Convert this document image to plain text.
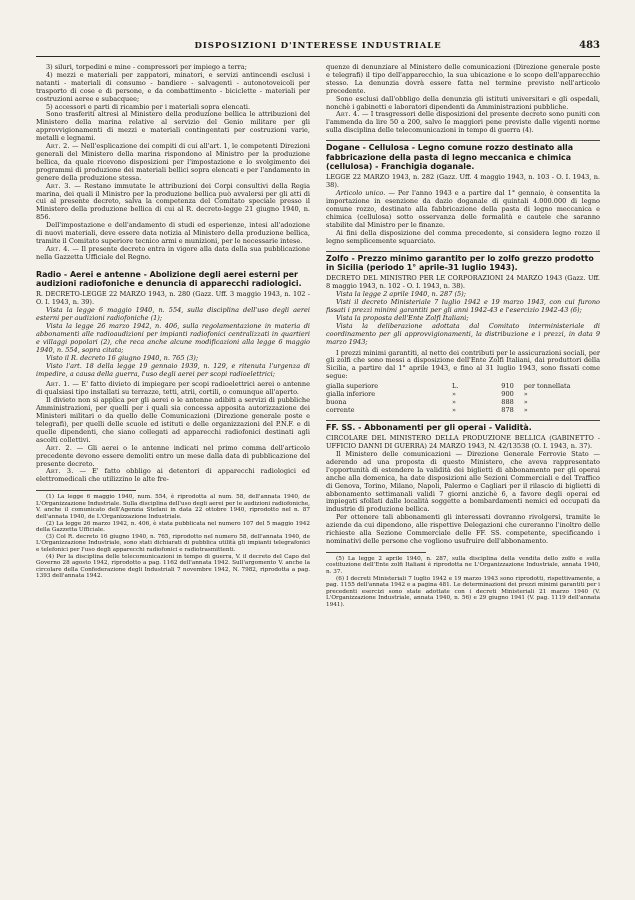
DISPOSIZIONI D'INTERESSE INDUSTRIALE	483

3) siluri, torpedini e mine - compressori per impiego a terra;

4) mezzi e materiali per zappatori, minatori, e servizi antincendi esclusi i natanti - materiali di consumo - bandiere - salvagenti - autonotoveicoli per trasporto di cose e di persone, e da combattimento - biciclette - materiali per costruzioni aeree e subacquee;

5) accessori e parti di ricambio per i materiali sopra elencati.

Sono trasferiti altresì al Ministero della produzione bellica le attribuzioni del Ministero della marina relative al servizio del Genio militare per gli approvvigionamenti di mezzi e materiali contingentati per costruzioni varie, metalli e legnami.

Art. 2. — Nell'esplicazione dei compiti di cui all'art. 1, le competenti Direzioni generali del Ministero della marina rispondono al Ministro per la produzione bellica, da quale ricevono disposizioni per l'impostazione e lo svolgimento dei programmi di produzione dei materiali bellici sopra elencati e per l'andamento in genere della produzione stessa.

Art. 3. — Restano immutate le attribuzioni dei Corpi consultivi della Regia marina, dei quali il Ministro per la produzione bellica può avvalersi per gli atti di cui al presente decreto, salva la competenza del Comitato speciale presso il Ministero della produzione bellica di cui al R. decreto-legge 21 giugno 1940, n. 856.

Dell'impostazione e dell'andamento di studi ed esperienze, intesi all'adozione di nuovi materiali, deve essere data notizia al Ministero della produzione bellica, tramite il Comitato superiore tecnico armi e munizioni, per le necessarie intese.

Art. 4. — Il presente decreto entra in vigore alla data della sua pubblicazione nella Gazzetta Ufficiale del Regno.

Radio - Aerei e antenne - Abolizione degli aerei esterni per audizioni radiofoniche e denuncia di apparecchi radiologici.

R. DECRETO-LEGGE 22 MARZO 1943, n. 280 (Gazz. Uff. 3 maggio 1943, n. 102 - O. I. 1943, n. 39).

Vista la legge 6 maggio 1940, n. 554, sulla disciplina dell'uso degli aerei esterni per audizioni radiofoniche (1);

Vista la legge 26 marzo 1942, n. 406, sulla regolamentazione in materia di abbonamenti alle radioaudizioni per impianti radiofonici centralizzati in quartieri e villaggi popolari (2), che reca anche alcune modificazioni alla legge 6 maggio 1940, n. 554, sopra citata;

Visto il R. decreto 16 giugno 1940, n. 765 (3);

Visto l'art. 18 della legge 19 gennaio 1939, n. 129, e ritenuta l'urgenza di impedire, a causa della guerra, l'uso degli aerei per scopi radioelettrici;

Art. 1. — E' fatto divieto di impiegare per scopi radioelettrici aerei o antenne di qualsiasi tipo installati su terrazze, tetti, atrii, cortili, o comunque all'aperto.

Il divieto non si applica per gli aerei o le antenne adibiti a servizi di pubbliche Amministrazioni, per quelli per i quali sia concessa apposita autorizzazione dei Ministeri militari o da quello delle Comunicazioni (Direzione generale poste e telegrafi), per quelli delle scuole ed istituti e delle organizzazioni del P.N.F. e di quelle dipendenti, che siano collegati ad apparecchi radiofonici destinati agli ascolti collettivi.

Art. 2. — Gli aerei o le antenne indicati nel primo comma dell'articolo precedente devono essere demoliti entro un mese dalla data di pubblicazione del presente decreto.

Art. 3. — E' fatto obbligo ai detentori di apparecchi radiologici ed elettromedicali che utilizzino le alte fre-

(1) La legge 6 maggio 1940, num. 554, è riprodotta al num. 58, dell'annata 1940, de L'Organizzazione Industriale. Sulla disciplina dell'uso degli aerei per le audizioni radiofoniche, V. anche il comunicato dell'Agenzia Stefani in data 22 ottobre 1940, riprodotto nel n. 87 dell'annata 1940, de L'Organizzazione Industriale.

(2) La legge 26 marzo 1942, n. 406, è stata pubblicata nel numero 107 del 5 maggio 1942 della Gazzetta Ufficiale.

(3) Col R. decreto 16 giugno 1940, n. 765, riprodotto nel numero 58, dell'annata 1940, de L'Organizzazione Industriale, sono stati dichiarati di pubblica utilità gli impianti telegrafonici e telefonici per l'uso degli apparecchi radiofonici e radiotrasmittenti.

(4) Per la disciplina delle telecomunicazioni in tempo di guerra, V. il decreto del Capo del Governo 28 agosto 1942, riprodotto a pag. 1162 dell'annata 1942. Sull'argomento V. anche la circolare della Confederazione degli Industriali 7 novembre 1942, N. 7982, riprodotta a pag. 1393 dell'annata 1942.

quenze di denunziare al Ministero delle comunicazioni (Direzione generale poste e telegrafi) il tipo dell'apparecchio, la sua ubicazione e lo scopo dell'apparecchio stesso. La denunzia dovrà essere fatta nel termine previsto nell'articolo precedente.

Sono esclusi dall'obbligo della denunzia gli istituti universitari e gli ospedali, nonchè i gabinetti e laboratori dipendenti da Amministrazioni pubbliche.

Art. 4. — I trasgressori delle disposizioni del presente decreto sono puniti con l'ammenda da lire 50 a 200, salvo le maggiori pene previste dalle vigenti norme sulla disciplina delle telecomunicazioni in tempo di guerra (4).

Dogane - Cellulosa - Legno comune rozzo destinato alla fabbricazione della pasta di legno meccanica e chimica (cellulosa) - Franchigia doganale.

LEGGE 22 MARZO 1943, n. 282 (Gazz. Uff. 4 maggio 1943, n. 103 - O. I. 1943, n. 38).

Articolo unico. — Per l'anno 1943 e a partire dal 1° gennaio, è consentita la importazione in esenzione da dazio doganale di quintali 4.000.000 di legno comune rozzo, destinato alla fabbricazione della pasta di legno meccanica e chimica (cellulosa) sotto osservanza delle formalità e cautele che saranno stabilite dal Ministro per le finanze.

Ai fini della disposizione del comma precedente, si considera legno rozzo il legno semplicemente squarciato.

Zolfo - Prezzo minimo garantito per lo zolfo grezzo prodotto in Sicilia (periodo 1° aprile-31 luglio 1943).

DECRETO DEL MINISTRO PER LE CORPORAZIONI 24 MARZO 1943 (Gazz. Uff. 8 maggio 1943, n. 102 - O. I. 1943, n. 38).

Vista la legge 2 aprile 1940, n. 287 (5);

Visti il decreto Ministeriale 7 luglio 1942 e 19 marzo 1943, con cui furono fissati i prezzi minimi garantiti per gli anni 1942-43 e l'esercizio 1942-43 (6);

Vista la proposta dell'Ente Zolfi Italiani;

Vista la deliberazione adottata dal Comitato interministeriale di coordinamento per gli approvvigionamenti, la distribuzione e i prezzi, in data 9 marzo 1943;

I prezzi minimi garantiti, al netto dei contributi per le assicurazioni sociali, per gli zolfi che sono messi a disposizione dell'Ente Zolfi Italiani, dai produttori della Sicilia, a partire dal 1° aprile 1943, e fino al 31 luglio 1943, sono fissati come segue:

gialla superiore	L.	910	per tonnellata
gialla inferiore	»	900	»
buona	»	888	»
corrente	»	878	»
FF. SS. - Abbonamenti per gli operai - Validità.

CIRCOLARE DEL MINISTERO DELLA PRODUZIONE BELLICA (GABINETTO - UFFICIO DANNI DI GUERRA) 24 MARZO 1943, N. 42/13538 (O. I. 1943, n. 37).

Il Ministero delle comunicazioni — Direzione Generale Ferrovie Stato — aderendo ad una proposta di questo Ministero, che aveva rappresentato l'opportunità di estendere la validità dei biglietti di abbonamento per gli operai anche alla domenica, ha date disposizioni alle Sezioni Commerciali e del Traffico di Genova, Torino, Milano, Napoli, Palermo e Cagliari per il rilascio di biglietti di abbonamento settimanali validi 7 giorni anzichè 6, a favore degli operai ed impiegati sfollati dalle località soggette a bombardamenti nemici ed occupati da industrie di produzione bellica.

Per ottenere tali abbonamenti gli interessati dovranno rivolgersi, tramite le aziende da cui dipendono, alle rispettive Delegazioni che cureranno l'inoltro delle richieste alla Sezione Commerciale delle FF. SS. competente, specificando i nominativi delle persone che vogliono usufruire dell'abbonamento.

(5) La legge 2 aprile 1940, n. 287, sulla disciplina della vendita dello zolfo e sulla costituzione dell'Ente zolfi Italiani è riprodotta ne L'Organizzazione Industriale, annata 1940, n. 37.

(6) I decreti Ministeriali 7 luglio 1942 e 19 marzo 1943 sono riprodotti, rispettivamente, a pag. 1155 dell'annata 1942 e a pagina 481. Le determinazioni dei prezzi minimi garantiti per i precedenti esercizi sono state adottate con i decreti Ministeriali 21 marzo 1940 (V. L'Organizzazione Industriale, annata 1940, n. 56) e 29 giugno 1941 (V. pag. 1119 dell'annata 1941).
